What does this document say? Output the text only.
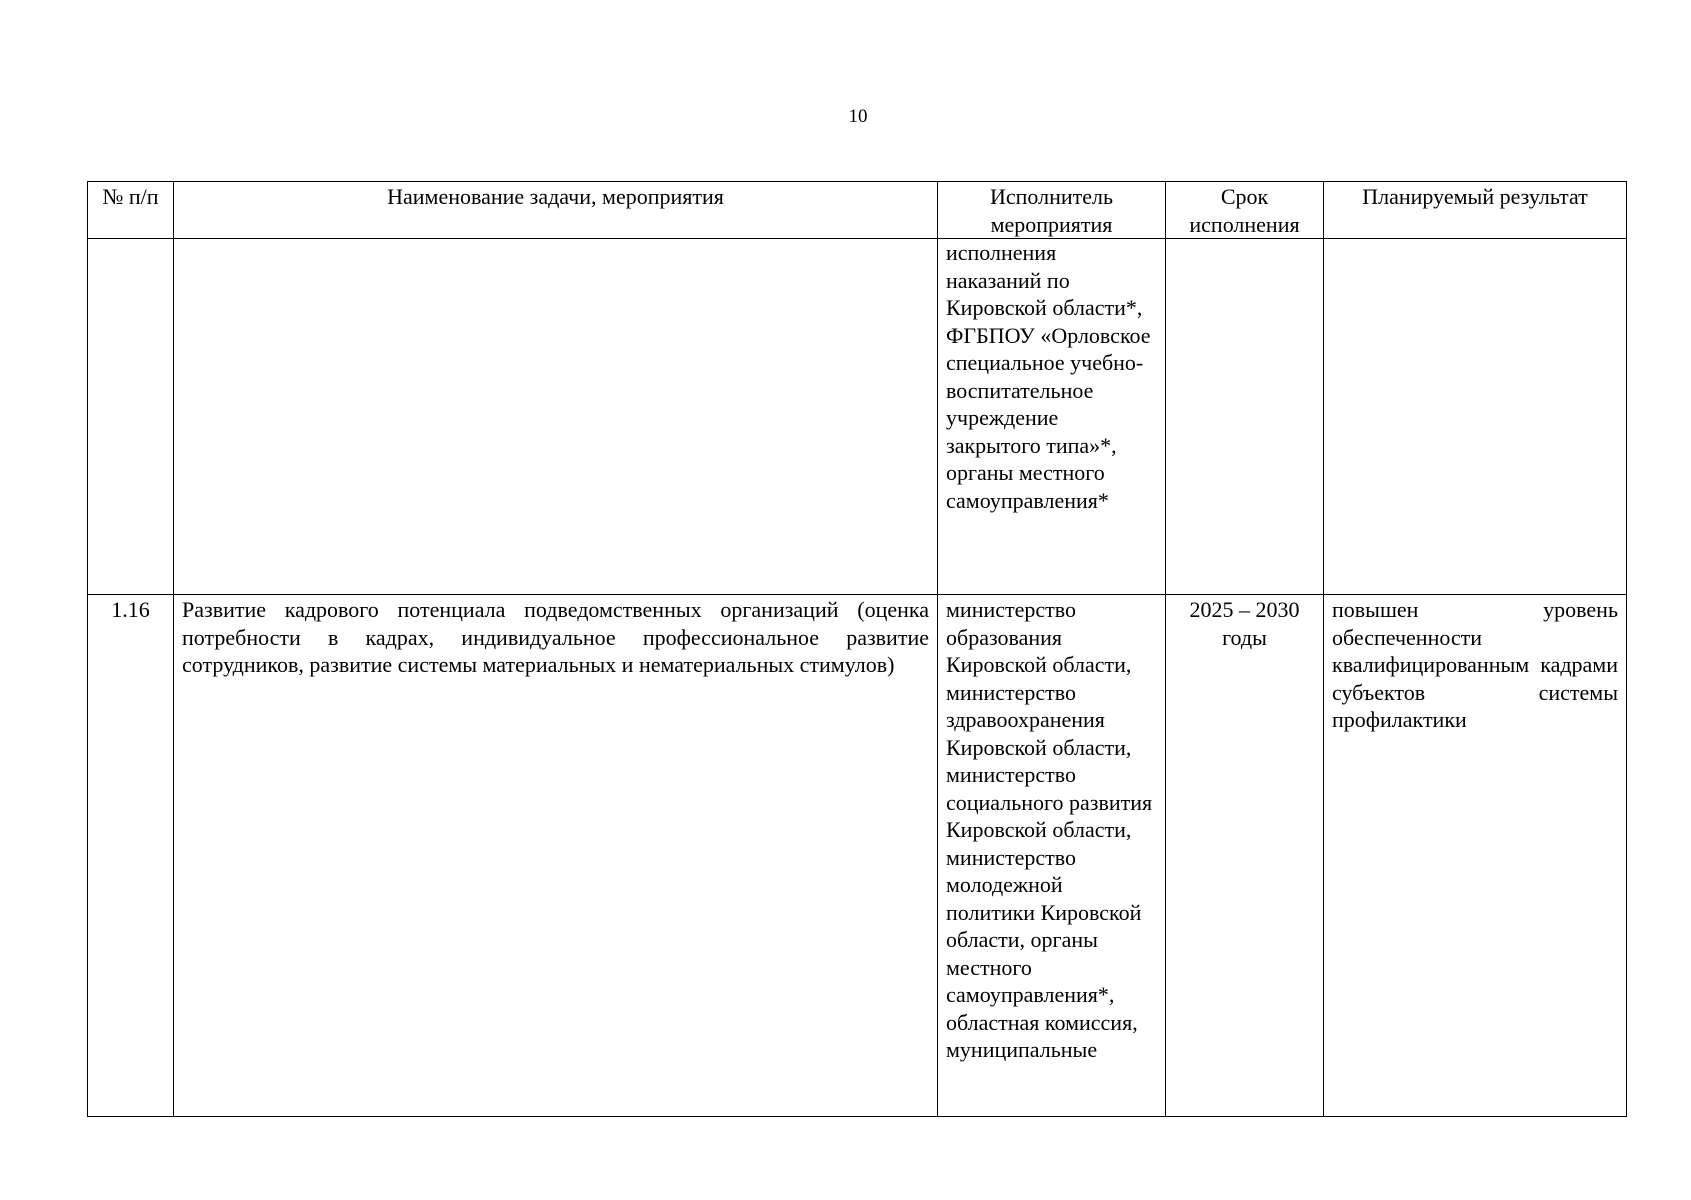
10
№ п/п	Наименование задачи, мероприятия	Исполнитель мероприятия	Срок исполнения	Планируемый результат
		исполнения наказаний по Кировской области*, ФГБПОУ «Орловское специальное учебно-воспитательное учреждение закрытого типа»*, органы местного самоуправления*		
1.16	Развитие кадрового потенциала подведомственных организаций (оценка потребности в кадрах, индивидуальное профессиональное развитие сотрудников, развитие системы материальных и нематериальных стимулов)	министерство образования Кировской области, министерство здравоохранения Кировской области, министерство социального развития Кировской области, министерство молодежной политики Кировской области, органы местного самоуправления*, областная комиссия, муниципальные	2025 – 2030 годы	повышен уровень обеспеченности квалифицированным кадрами субъектов системы профилактики
